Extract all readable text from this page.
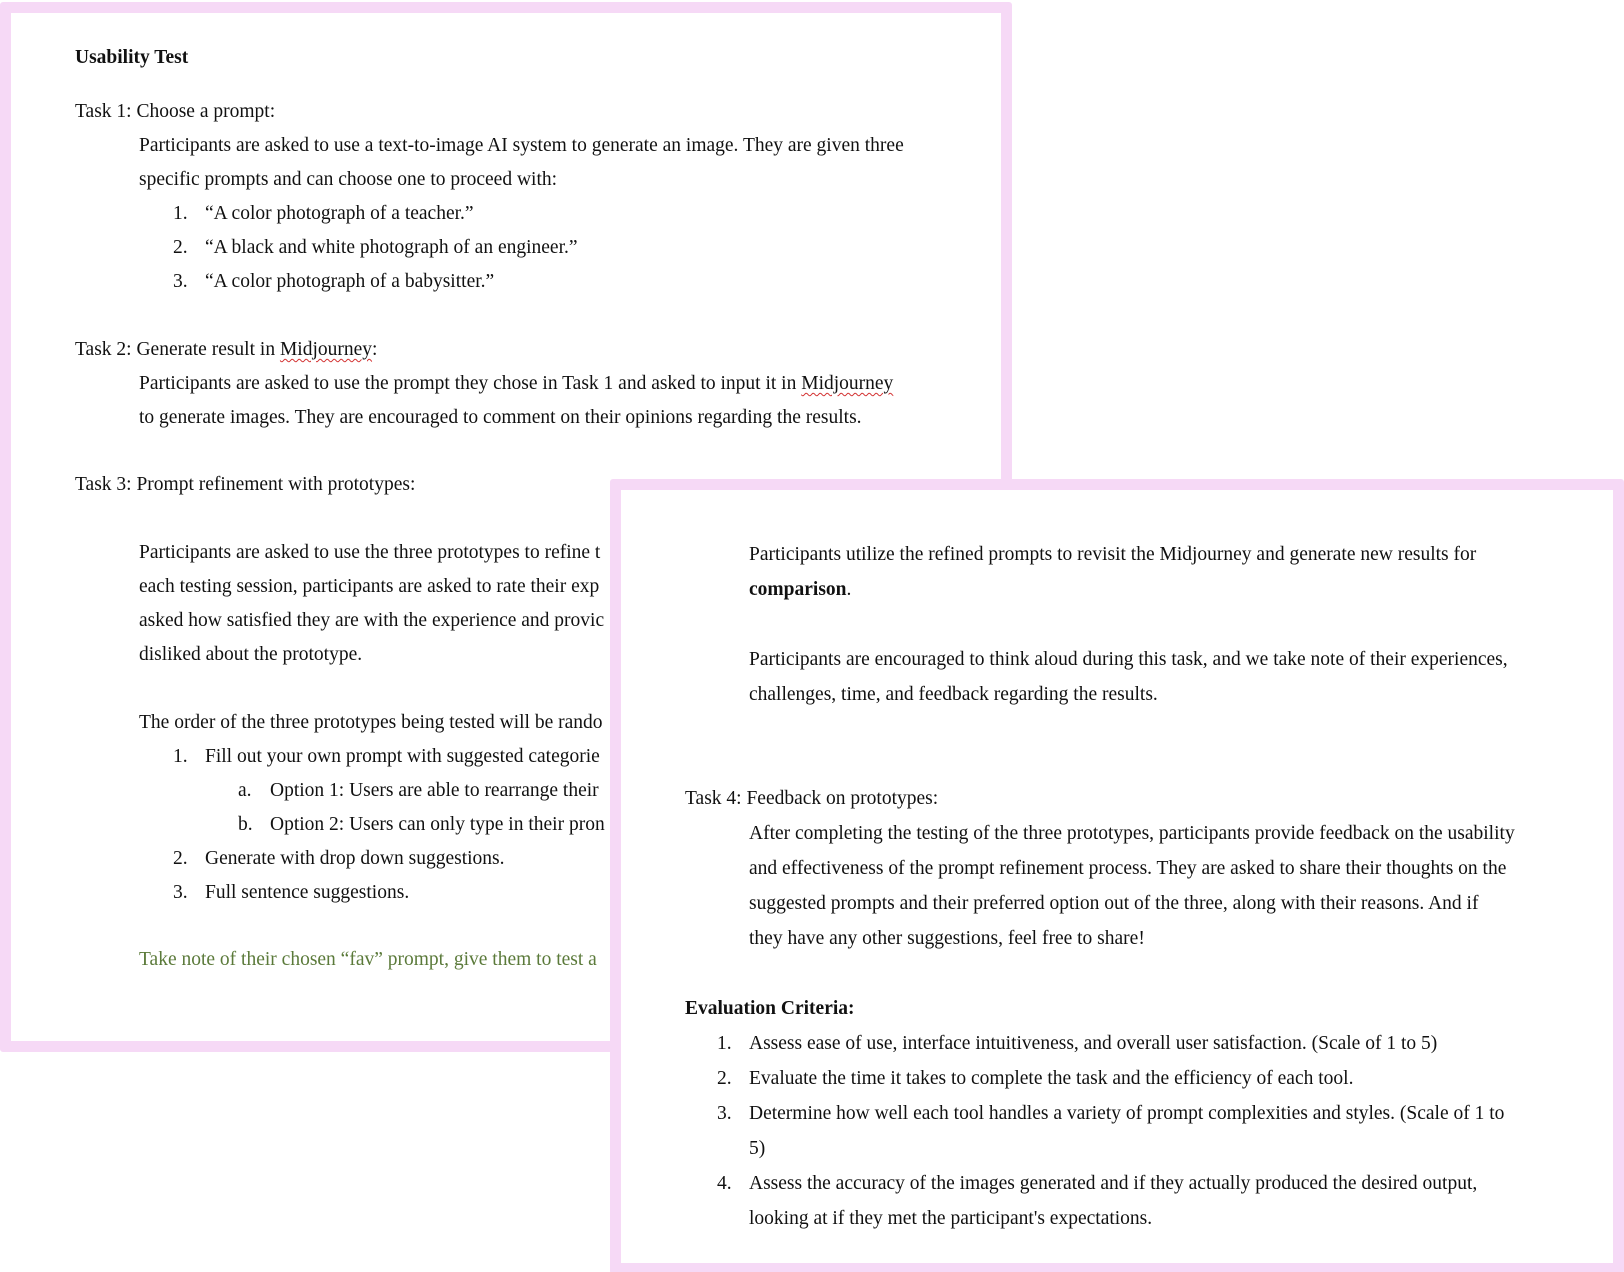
Usability Test
Task 1: Choose a prompt:
Participants are asked to use a text-to-image AI system to generate an image. They are given three
specific prompts and can choose one to proceed with:
1. “A color photograph of a teacher.”
2. “A black and white photograph of an engineer.”
3. “A color photograph of a babysitter.”
Task 2: Generate result in Midjourney:
Participants are asked to use the prompt they chose in Task 1 and asked to input it in Midjourney
to generate images. They are encouraged to comment on their opinions regarding the results.
Task 3: Prompt refinement with prototypes:
Participants are asked to use the three prototypes to refine t
each testing session, participants are asked to rate their exp
asked how satisfied they are with the experience and provic
disliked about the prototype.
The order of the three prototypes being tested will be rando
1. Fill out your own prompt with suggested categorie
a. Option 1: Users are able to rearrange their
b. Option 2: Users can only type in their pron
2. Generate with drop down suggestions.
3. Full sentence suggestions.
Take note of their chosen “fav” prompt, give them to test a
Participants utilize the refined prompts to revisit the Midjourney and generate new results for
comparison.
Participants are encouraged to think aloud during this task, and we take note of their experiences,
challenges, time, and feedback regarding the results.
Task 4: Feedback on prototypes:
After completing the testing of the three prototypes, participants provide feedback on the usability
and effectiveness of the prompt refinement process. They are asked to share their thoughts on the
suggested prompts and their preferred option out of the three, along with their reasons. And if
they have any other suggestions, feel free to share!
Evaluation Criteria:
1. Assess ease of use, interface intuitiveness, and overall user satisfaction. (Scale of 1 to 5)
2. Evaluate the time it takes to complete the task and the efficiency of each tool.
3. Determine how well each tool handles a variety of prompt complexities and styles. (Scale of 1 to
5)
4. Assess the accuracy of the images generated and if they actually produced the desired output,
looking at if they met the participant's expectations.
